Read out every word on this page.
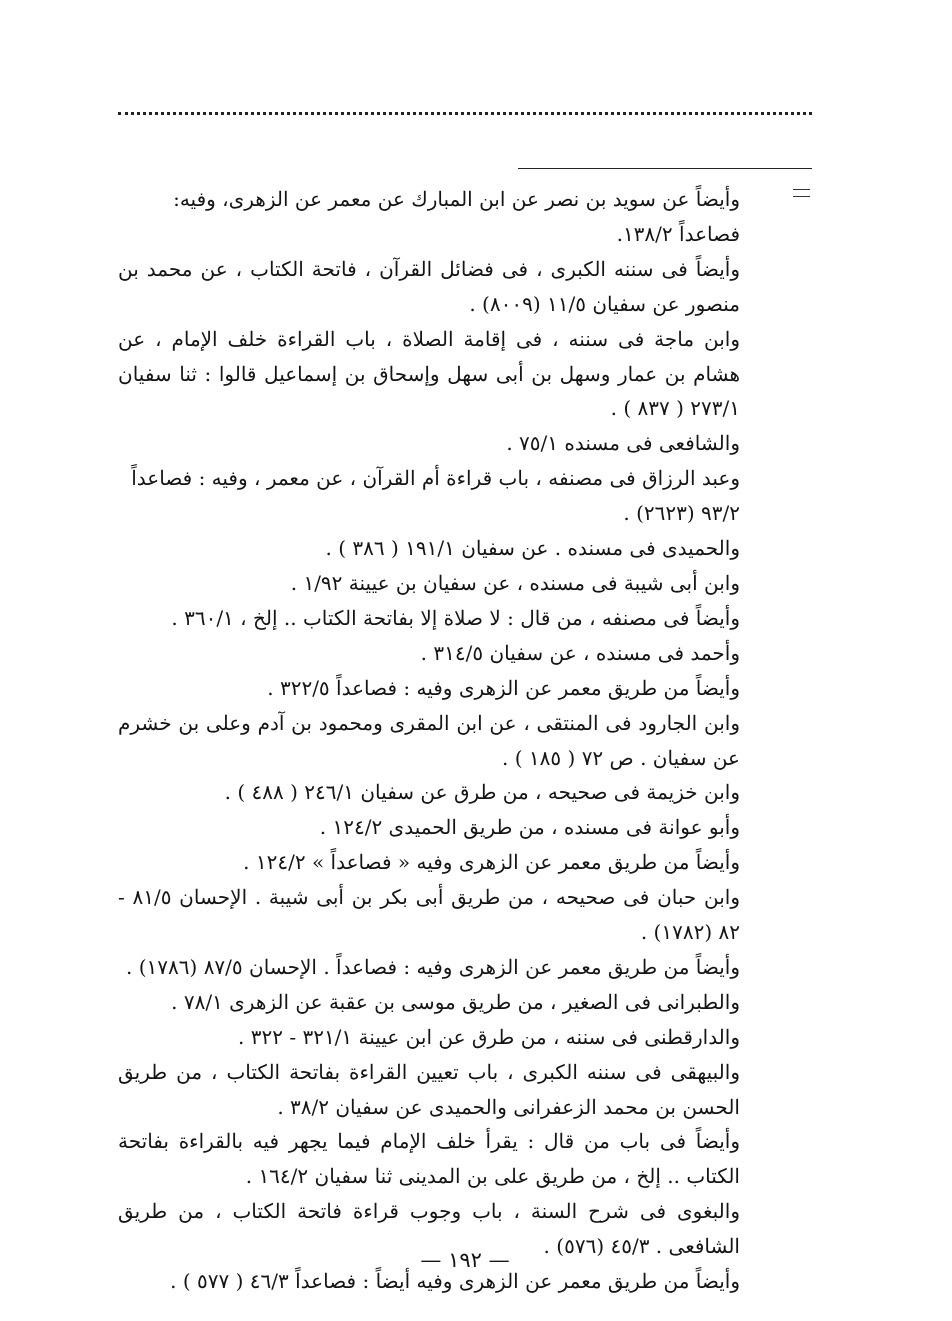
وأيضاً عن سويد بن نصر عن ابن المبارك عن معمر عن الزهرى، وفيه: فصاعداً ١٣٨/٢.

وأيضاً فى سننه الكبرى ، فى فضائل القرآن ، فاتحة الكتاب ، عن محمد بن منصور عن سفيان ١١/٥ (٨٠٠٩) .

وابن ماجة فى سننه ، فى إقامة الصلاة ، باب القراءة خلف الإمام ، عن هشام بن عمار وسهل بن أبى سهل وإسحاق بن إسماعيل قالوا : ثنا سفيان ٢٧٣/١ ( ٨٣٧ ) .

والشافعى فى مسنده ٧٥/١ .

وعبد الرزاق فى مصنفه ، باب قراءة أم القرآن ، عن معمر ، وفيه : فصاعداً ٩٣/٢ (٢٦٢٣) .

والحميدى فى مسنده . عن سفيان ١٩١/١ ( ٣٨٦ ) .

وابن أبى شيبة فى مسنده ، عن سفيان بن عيينة ١/٩٢ .

وأيضاً فى مصنفه ، من قال : لا صلاة إلا بفاتحة الكتاب .. إلخ ، ٣٦٠/١ .

وأحمد فى مسنده ، عن سفيان ٣١٤/٥ .

وأيضاً من طريق معمر عن الزهرى وفيه : فصاعداً ٣٢٢/٥ .

وابن الجارود فى المنتقى ، عن ابن المقرى ومحمود بن آدم وعلى بن خشرم عن سفيان . ص ٧٢ ( ١٨٥ ) .

وابن خزيمة فى صحيحه ، من طرق عن سفيان ٢٤٦/١ ( ٤٨٨ ) .

وأبو عوانة فى مسنده ، من طريق الحميدى ١٢٤/٢ .

وأيضاً من طريق معمر عن الزهرى وفيه « فصاعداً » ١٢٤/٢ .

وابن حبان فى صحيحه ، من طريق أبى بكر بن أبى شيبة . الإحسان ٨١/٥ - ٨٢ (١٧٨٢) .

وأيضاً من طريق معمر عن الزهرى وفيه : فصاعداً . الإحسان ٨٧/٥ (١٧٨٦) .

والطبرانى فى الصغير ، من طريق موسى بن عقبة عن الزهرى ٧٨/١ .

والدارقطنى فى سننه ، من طرق عن ابن عيينة ٣٢١/١ - ٣٢٢ .

والبيهقى فى سننه الكبرى ، باب تعيين القراءة بفاتحة الكتاب ، من طريق الحسن بن محمد الزعفرانى والحميدى عن سفيان ٣٨/٢ .

وأيضاً فى باب من قال : يقرأ خلف الإمام فيما يجهر فيه بالقراءة بفاتحة الكتاب .. إلخ ، من طريق على بن المدينى ثنا سفيان ١٦٤/٢ .

والبغوى فى شرح السنة ، باب وجوب قراءة فاتحة الكتاب ، من طريق الشافعى . ٤٥/٣ (٥٧٦) .

وأيضاً من طريق معمر عن الزهرى وفيه أيضاً : فصاعداً ٤٦/٣ ( ٥٧٧ ) .

— ١٩٢ —
